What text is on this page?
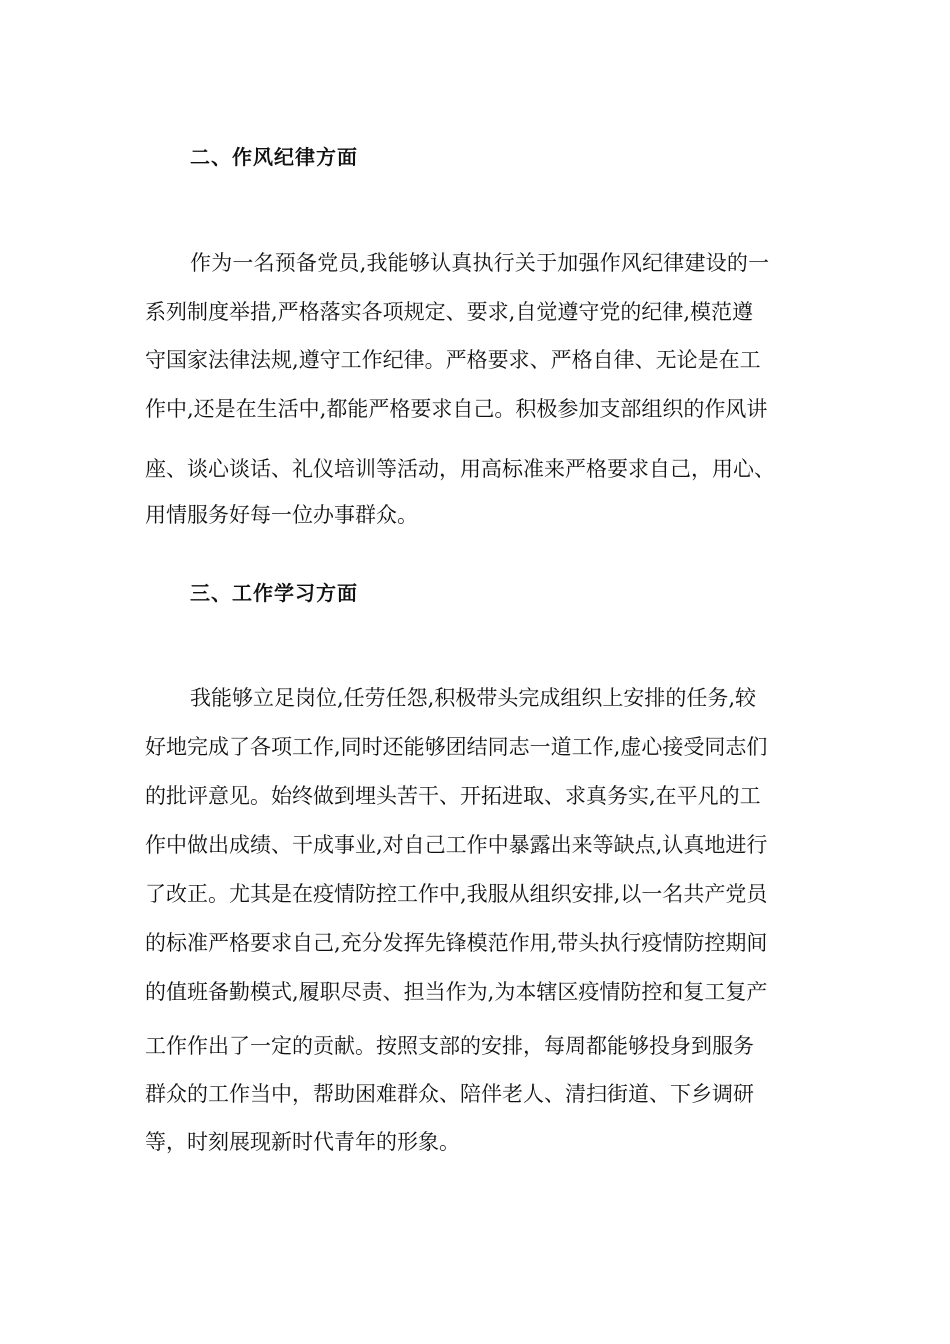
二、作风纪律方面
作为一名预备党员,我能够认真执行关于加强作风纪律建设的一
系列制度举措,严格落实各项规定、要求,自觉遵守党的纪律,模范遵
守国家法律法规,遵守工作纪律。严格要求、严格自律、无论是在工
作中,还是在生活中,都能严格要求自己。积极参加支部组织的作风讲
座、谈心谈话、礼仪培训等活动，用高标准来严格要求自己，用心、
用情服务好每一位办事群众。
三、工作学习方面
我能够立足岗位,任劳任怨,积极带头完成组织上安排的任务,较
好地完成了各项工作,同时还能够团结同志一道工作,虚心接受同志们
的批评意见。始终做到埋头苦干、开拓进取、求真务实,在平凡的工
作中做出成绩、干成事业,对自己工作中暴露出来等缺点,认真地进行
了改正。尤其是在疫情防控工作中,我服从组织安排,以一名共产党员
的标准严格要求自己,充分发挥先锋模范作用,带头执行疫情防控期间
的值班备勤模式,履职尽责、担当作为,为本辖区疫情防控和复工复产
工作作出了一定的贡献。按照支部的安排，每周都能够投身到服务
群众的工作当中，帮助困难群众、陪伴老人、清扫街道、下乡调研
等，时刻展现新时代青年的形象。
